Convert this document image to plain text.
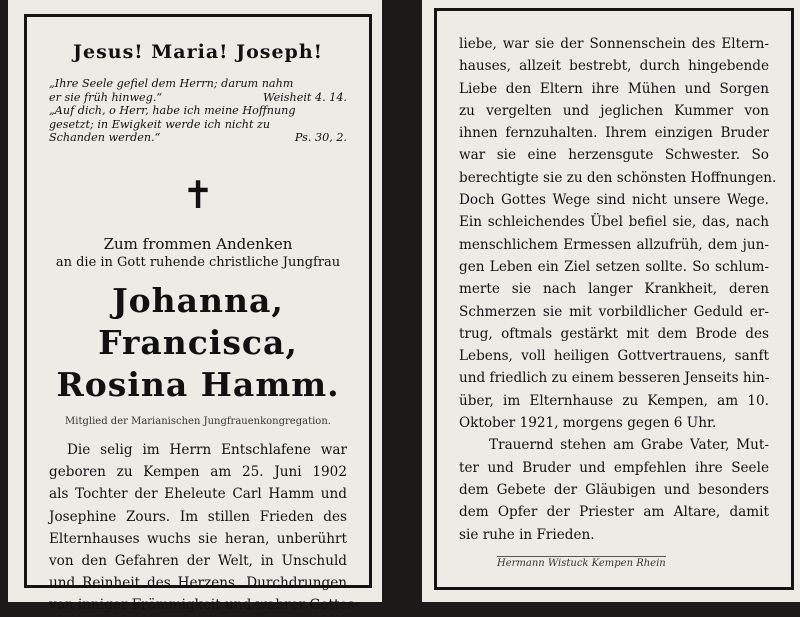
Jesus! Maria! Joseph!
„Ihre Seele gefiel dem Herrn; darum nahm
er sie früh hinweg.“	Weisheit 4. 14.
„Auf dich, o Herr, habe ich meine Hoffnung
gesetzt; in Ewigkeit werde ich nicht zu
Schanden werden.“	Ps. 30, 2.
✝
Zum frommen Andenken
an die in Gott ruhende christliche Jungfrau
Johanna, Francisca,
Rosina Hamm.
Mitglied der Marianischen Jungfrauenkongregation.
Die selig im Herrn Entschlafene war
geboren zu Kempen am 25. Juni 1902
als Tochter der Eheleute Carl Hamm und
Josephine Zours. Im stillen Frieden des
Elternhauses wuchs sie heran, unberührt
von den Gefahren der Welt, in Unschuld
und Reinheit des Herzens. Durchdrungen
von inniger Frömmigkeit und wahrer Gottes-
liebe, war sie der Sonnenschein des Eltern-
hauses, allzeit bestrebt, durch hingebende
Liebe den Eltern ihre Mühen und Sorgen
zu vergelten und jeglichen Kummer von
ihnen fernzuhalten. Ihrem einzigen Bruder
war sie eine herzensgute Schwester. So
berechtigte sie zu den schönsten Hoffnungen.
Doch Gottes Wege sind nicht unsere Wege.
Ein schleichendes Übel befiel sie, das, nach
menschlichem Ermessen allzufrüh, dem jun-
gen Leben ein Ziel setzen sollte. So schlum-
merte sie nach langer Krankheit, deren
Schmerzen sie mit vorbildlicher Geduld er-
trug, oftmals gestärkt mit dem Brode des
Lebens, voll heiligen Gottvertrauens, sanft
und friedlich zu einem besseren Jenseits hin-
über, im Elternhause zu Kempen, am 10.
Oktober 1921, morgens gegen 6 Uhr.
Trauernd stehen am Grabe Vater, Mut-
ter und Bruder und empfehlen ihre Seele
dem Gebete der Gläubigen und besonders
dem Opfer der Priester am Altare, damit
sie ruhe in Frieden.
Hermann Wistuck Kempen Rhein
